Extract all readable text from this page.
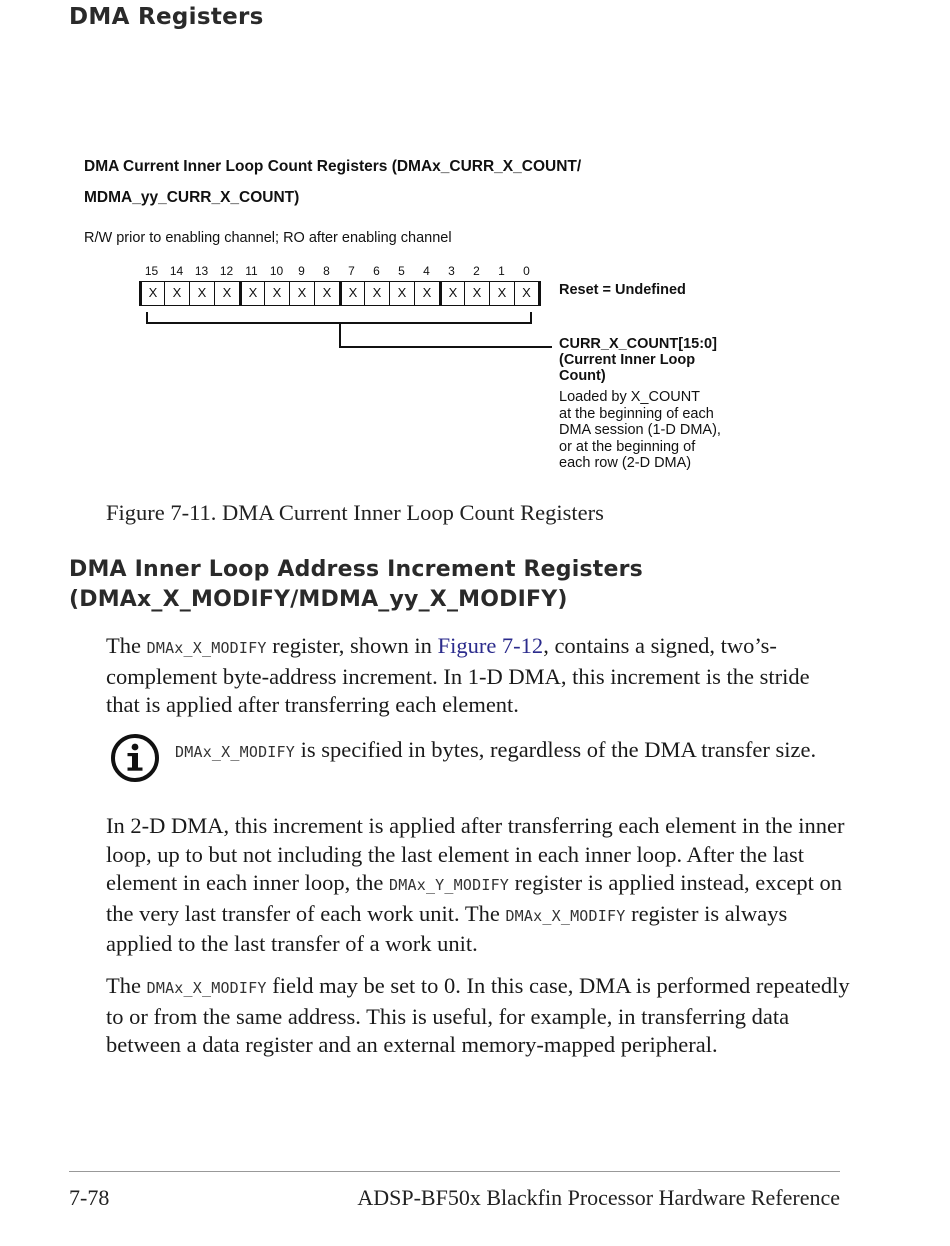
DMA Registers
DMA Current Inner Loop Count Registers (DMAx_CURR_X_COUNT/
MDMA_yy_CURR_X_COUNT)
R/W prior to enabling channel; RO after enabling channel
15 14 13 12	11	10	9	8	7	6	5	4	3	2	1	0
X	X	X	X	X	X	X	X	X	X	X	X	X	X	X	X	Reset = Undefined
CURR_X_COUNT[15:0]
(Current Inner Loop
Count)
Loaded by X_COUNT
at the beginning of each
DMA session (1-D DMA),
or at the beginning of
each row (2-D DMA)
Figure 7-11. DMA Current Inner Loop Count Registers
DMA Inner Loop Address Increment Registers
(DMAx_X_MODIFY/MDMA_yy_X_MODIFY)
The DMAx_X_MODIFY register, shown in Figure 7-12, contains a signed, two’s-complement byte-address increment. In 1-D DMA, this increment is the stride that is applied after transferring each element.
DMAx_X_MODIFY is specified in bytes, regardless of the DMA transfer size.
In 2-D DMA, this increment is applied after transferring each element in the inner loop, up to but not including the last element in each inner loop. After the last element in each inner loop, the DMAx_Y_MODIFY register is applied instead, except on the very last transfer of each work unit. The DMAx_X_MODIFY register is always applied to the last transfer of a work unit.
The DMAx_X_MODIFY field may be set to 0. In this case, DMA is performed repeatedly to or from the same address. This is useful, for example, in transferring data between a data register and an external memory-mapped peripheral.
7-78	ADSP-BF50x Blackfin Processor Hardware Reference
